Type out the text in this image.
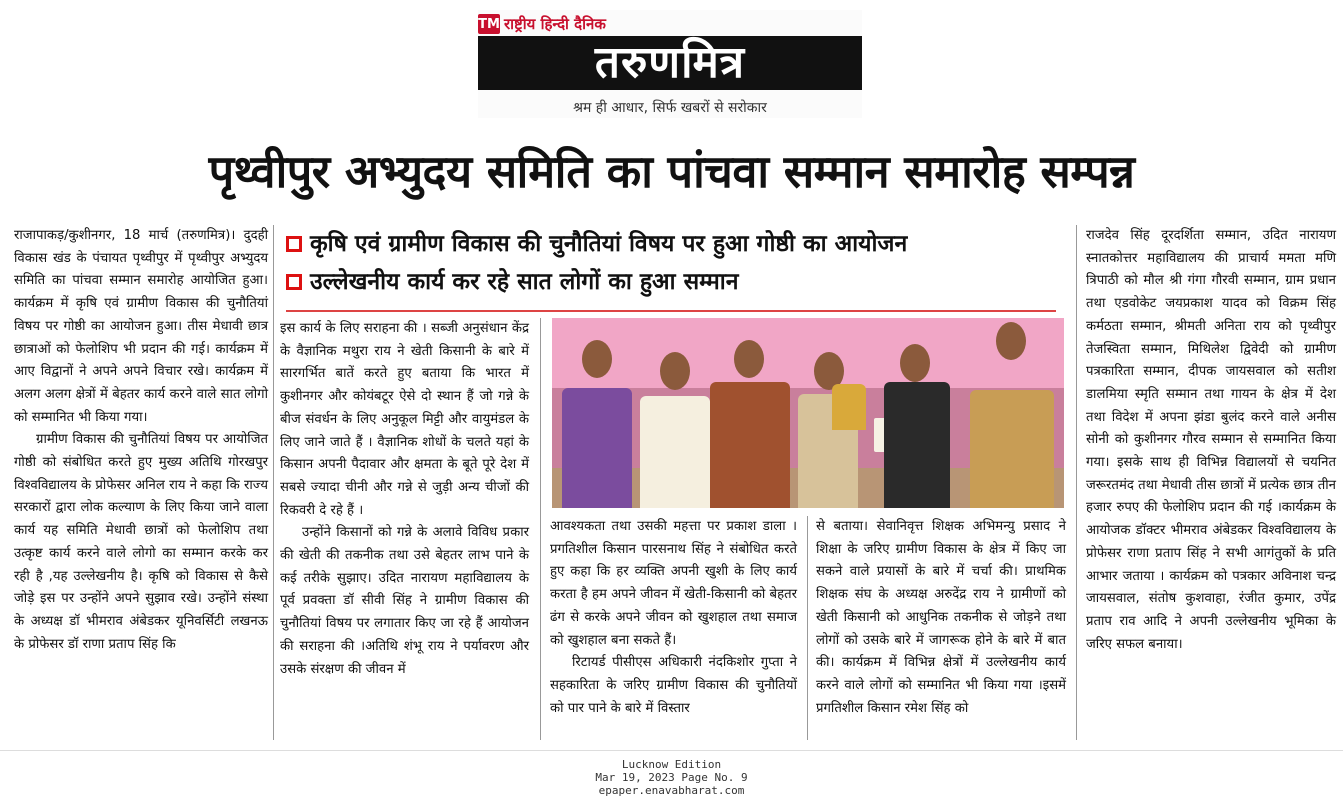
TM राष्ट्रीय हिन्दी दैनिक
तरुणमित्र
श्रम ही आधार, सिर्फ खबरों से सरोकार
पृथ्वीपुर अभ्युदय समिति का पांचवा सम्मान समारोह सम्पन्न

राजापाकड़/कुशीनगर, 18 मार्च (तरुणमित्र)। दुदही विकास खंड के पंचायत पृथ्वीपुर में पृथ्वीपुर अभ्युदय समिति का पांचवा सम्मान समारोह आयोजित हुआ। कार्यक्रम में कृषि एवं ग्रामीण विकास की चुनौतियां विषय पर गोष्ठी का आयोजन हुआ। तीस मेधावी छात्र छात्राओं को फेलोशिप भी प्रदान की गई। कार्यक्रम में आए विद्वानों ने अपने अपने विचार रखे। कार्यक्रम में अलग अलग क्षेत्रों में बेहतर कार्य करने वाले सात लोगो को सम्मानित भी किया गया।

ग्रामीण विकास की चुनौतियां विषय पर आयोजित गोष्ठी को संबोधित करते हुए मुख्य अतिथि गोरखपुर विश्वविद्यालय के प्रोफेसर अनिल राय ने कहा कि राज्य सरकारों द्वारा लोक कल्याण के लिए किया जाने वाला कार्य यह समिति मेधावी छात्रों को फेलोशिप तथा उत्कृष्ट कार्य करने वाले लोगो का सम्मान करके कर रही है ,यह उल्लेखनीय है। कृषि को विकास से कैसे जोड़े इस पर उन्होंने अपने सुझाव रखे। उन्होंने संस्था के अध्यक्ष डॉ भीमराव अंबेडकर यूनिवर्सिटी लखनऊ के प्रोफेसर डॉ राणा प्रताप सिंह कि

कृषि एवं ग्रामीण विकास की चुनौतियां विषय पर हुआ गोष्ठी का आयोजन
उल्लेखनीय कार्य कर रहे सात लोगों का हुआ सम्मान

इस कार्य के लिए सराहना की । सब्जी अनुसंधान केंद्र के वैज्ञानिक मथुरा राय ने खेती किसानी के बारे में सारगर्भित बातें करते हुए बताया कि भारत में कुशीनगर और कोयंबटूर ऐसे दो स्थान हैं जो गन्ने के बीज संवर्धन के लिए अनुकूल मिट्टी और वायुमंडल के लिए जाने जाते हैं । वैज्ञानिक शोधों के चलते यहां के किसान अपनी पैदावार और क्षमता के बूते पूरे देश में सबसे ज्यादा चीनी और गन्ने से जुड़ी अन्य चीजों की रिकवरी दे रहे हैं ।

उन्होंने किसानों को गन्ने के अलावे विविध प्रकार की खेती की तकनीक तथा उसे बेहतर लाभ पाने के कई तरीके सुझाए। उदित नारायण महाविद्यालय के पूर्व प्रवक्ता डॉ सीवी सिंह ने ग्रामीण विकास की चुनौतियां विषय पर लगातार किए जा रहे हैं आयोजन की सराहना की ।अतिथि शंभू राय ने पर्यावरण और उसके संरक्षण की जीवन में

आवश्यकता तथा उसकी महत्ता पर प्रकाश डाला ।प्रगतिशील किसान पारसनाथ सिंह ने संबोधित करते हुए कहा कि हर व्यक्ति अपनी खुशी के लिए कार्य करता है हम अपने जीवन में खेती-किसानी को बेहतर ढंग से करके अपने जीवन को खुशहाल तथा समाज को खुशहाल बना सकते हैं।

रिटायर्ड पीसीएस अधिकारी नंदकिशोर गुप्ता ने सहकारिता के जरिए ग्रामीण विकास की चुनौतियों को पार पाने के बारे में विस्तार

से बताया। सेवानिवृत्त शिक्षक अभिमन्यु प्रसाद ने शिक्षा के जरिए ग्रामीण विकास के क्षेत्र में किए जा सकने वाले प्रयासों के बारे में चर्चा की। प्राथमिक शिक्षक संघ के अध्यक्ष अरुदेंद्र राय ने ग्रामीणों को खेती किसानी को आधुनिक तकनीक से जोड़ने तथा लोगों को उसके बारे में जागरूक होने के बारे में बात की। कार्यक्रम में विभिन्न क्षेत्रों में उल्लेखनीय कार्य करने वाले लोगों को सम्मानित भी किया गया ।इसमें प्रगतिशील किसान रमेश सिंह को

राजदेव सिंह दूरदर्शिता सम्मान, उदित नारायण स्नातकोत्तर महाविद्यालय की प्राचार्य ममता मणि त्रिपाठी को मौल श्री गंगा गौरवी सम्मान, ग्राम प्रधान तथा एडवोकेट जयप्रकाश यादव को विक्रम सिंह कर्मठता सम्मान, श्रीमती अनिता राय को पृथ्वीपुर तेजस्विता सम्मान, मिथिलेश द्विवेदी को ग्रामीण पत्रकारिता सम्मान, दीपक जायसवाल को सतीश डालमिया स्मृति सम्मान तथा गायन के क्षेत्र में देश तथा विदेश में अपना झंडा बुलंद करने वाले अनीस सोनी को कुशीनगर गौरव सम्मान से सम्मानित किया गया। इसके साथ ही विभिन्न विद्यालयों से चयनित जरूरतमंद तथा मेधावी तीस छात्रों में प्रत्येक छात्र तीन हजार रुपए की फेलोशिप प्रदान की गई ।कार्यक्रम के आयोजक डॉक्टर भीमराव अंबेडकर विश्वविद्यालय के प्रोफेसर राणा प्रताप सिंह ने सभी आगंतुकों के प्रति आभार जताया । कार्यक्रम को पत्रकार अविनाश चन्द्र जायसवाल, संतोष कुशवाहा, रंजीत कुमार, उपेंद्र प्रताप राव आदि ने अपनी उल्लेखनीय भूमिका के जरिए सफल बनाया।

Lucknow Edition
Mar 19, 2023 Page No. 9
epaper.enavabharat.com
